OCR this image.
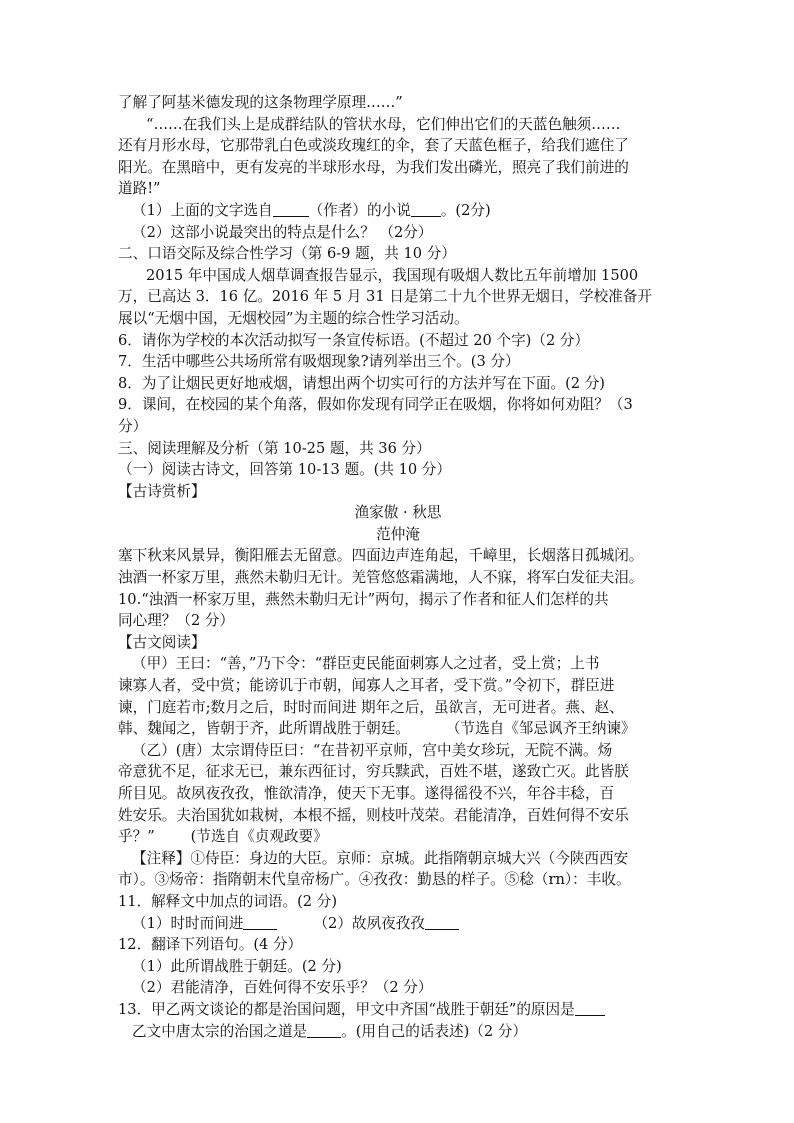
了解了阿基米德发现的这条物理学原理……”
“……在我们头上是成群结队的管状水母，它们伸出它们的天蓝色触须……
还有月形水母，它那带乳白色或淡玫瑰红的伞，套了天蓝色框子，给我们遮住了
阳光。在黑暗中，更有发亮的半球形水母，为我们发出磷光，照亮了我们前进的
道路!”
（1）上面的文字选自 （作者）的小说 。(2分)
（2）这部小说最突出的特点是什么？ （2分）
二、口语交际及综合性学习（第 6-9 题，共 10 分）
2015 年中国成人烟草调查报告显示，我国现有吸烟人数比五年前增加 1500
万，已高达 3．16 亿。2016 年 5 月 31 日是第二十九个世界无烟日，学校准备开
展以“无烟中国，无烟校园”为主题的综合性学习活动。
6．请你为学校的本次活动拟写一条宣传标语。(不超过 20 个字)（2 分）
7．生活中哪些公共场所常有吸烟现象?请列举出三个。(3 分）
8．为了让烟民更好地戒烟，请想出两个切实可行的方法并写在下面。(2 分)
9．课间，在校园的某个角落，假如你发现有同学正在吸烟，你将如何劝阻？（3
分）
三、阅读理解及分析（第 10-25 题，共 36 分）
（一）阅读古诗文，回答第 10-13 题。(共 10 分）
【古诗赏析】
渔家傲 · 秋思
范仲淹
塞下秋来风景异，衡阳雁去无留意。四面边声连角起，千嶂里，长烟落日孤城闭。
浊酒一杯家万里，燕然未勒归无计。羌管悠悠霜满地，人不寐，将军白发征夫泪。
10.“浊酒一杯家万里，燕然未勒归无计”两句，揭示了作者和征人们怎样的共
同心理？（2 分）
【古文阅读】
（甲）王曰：“善，”乃下令：“群臣吏民能面刺寡人之过者，受上赏；上书
谏寡人者，受中赏；能谤讥于市朝，闻寡人之耳者，受下赏。”令初下，群臣进
谏，门庭若市;数月之后，时时而间进 期年之后，虽欲言，无可进者。燕、赵、
韩、魏闻之，皆朝于齐，此所谓战胜于朝廷。 （节选自《邹忌讽齐王纳谏》
（乙）(唐）太宗谓侍臣曰：“在昔初平京师，宫中美女珍玩，无院不满。炀
帝意犹不足，征求无已，兼东西征讨，穷兵黩武，百姓不堪，遂致亡灭。此皆朕
所目见。故夙夜孜孜，惟欲清净，使天下无事。遂得徭役不兴，年谷丰稔，百
姓安乐。夫治国犹如栽树，本根不摇，则枝叶茂荣。君能清净，百姓何得不安乐
乎？” (节选自《贞观政要》
【注释】①侍臣：身边的大臣。京师：京城。此指隋朝京城大兴（今陕西西安
市）。③炀帝：指隋朝末代皇帝杨广。④孜孜：勤恳的样子。⑤稔（rn）：丰收。
11．解释文中加点的词语。(2 分)
（1）时时而间进	（2）故夙夜孜孜
12．翻译下列语句。(4 分）
（1）此所谓战胜于朝廷。(2 分)
（2）君能清净，百姓何得不安乐乎？（2 分）
13．甲乙两文谈论的都是治国问题，甲文中齐国“战胜于朝廷”的原因是
乙文中唐太宗的治国之道是 。(用自己的话表述)（2 分）
